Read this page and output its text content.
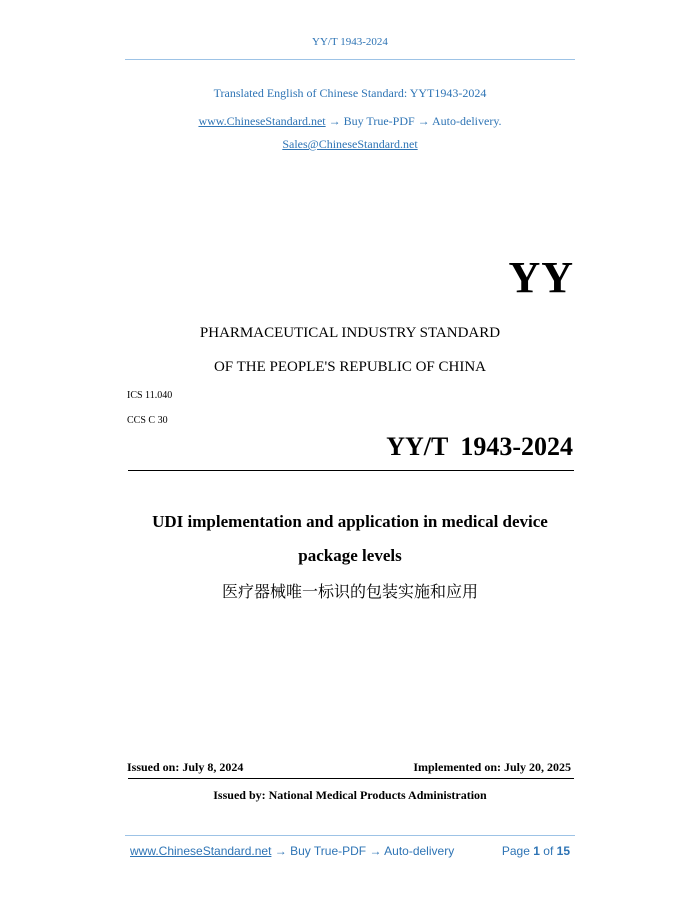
YY/T 1943-2024
Translated English of Chinese Standard: YYT1943-2024
www.ChineseStandard.net → Buy True-PDF → Auto-delivery.
Sales@ChineseStandard.net
YY
PHARMACEUTICAL INDUSTRY STANDARD
OF THE PEOPLE'S REPUBLIC OF CHINA
ICS 11.040
CCS C 30
YY/T 1943-2024
UDI implementation and application in medical device
package levels
医疗器械唯一标识的包装实施和应用
Issued on: July 8, 2024	Implemented on: July 20, 2025
Issued by: National Medical Products Administration
www.ChineseStandard.net → Buy True-PDF → Auto-delivery	Page 1 of 15
